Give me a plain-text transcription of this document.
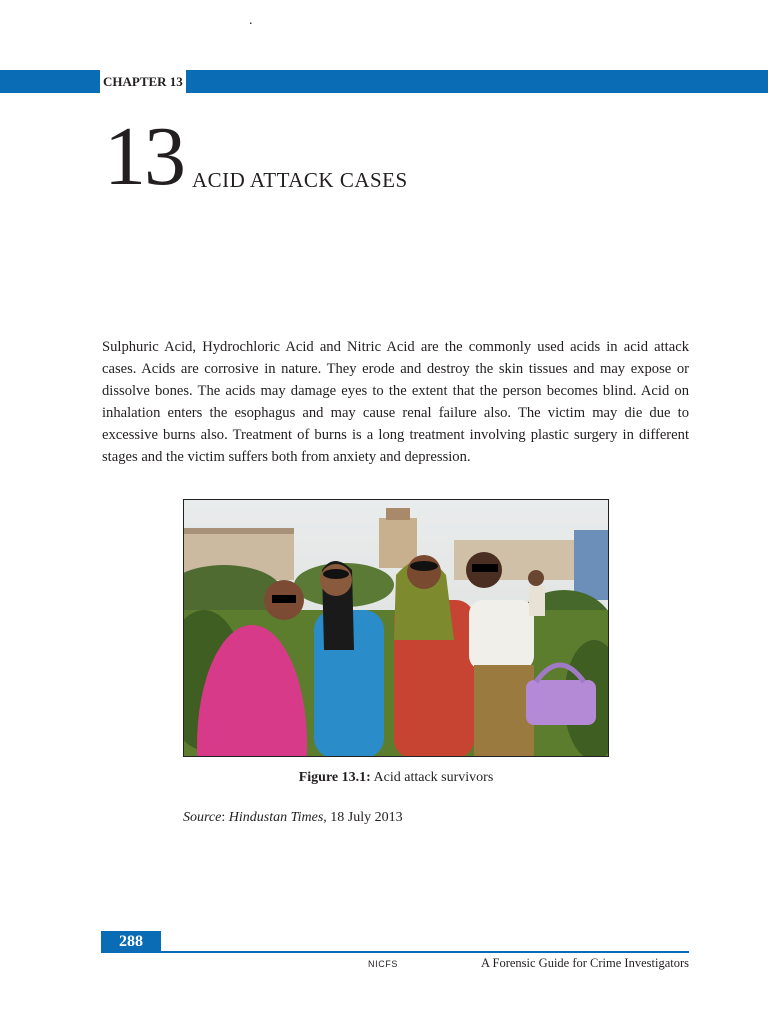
.
CHAPTER 13
13 ACID ATTACK CASES

Sulphuric Acid, Hydrochloric Acid and Nitric Acid are the commonly used acids in acid attack cases. Acids are corrosive in nature. They erode and destroy the skin tissues and may expose or dissolve bones. The acids may damage eyes to the extent that the person becomes blind. Acid on inhalation enters the esophagus and may cause renal failure also. The victim may die due to excessive burns also. Treatment of burns is a long treatment involving plastic surgery in different stages and the victim suffers both from anxiety and depression.

Figure 13.1: Acid attack survivors
Source: Hindustan Times, 18 July 2013
288
NICFS	A Forensic Guide for Crime Investigators
